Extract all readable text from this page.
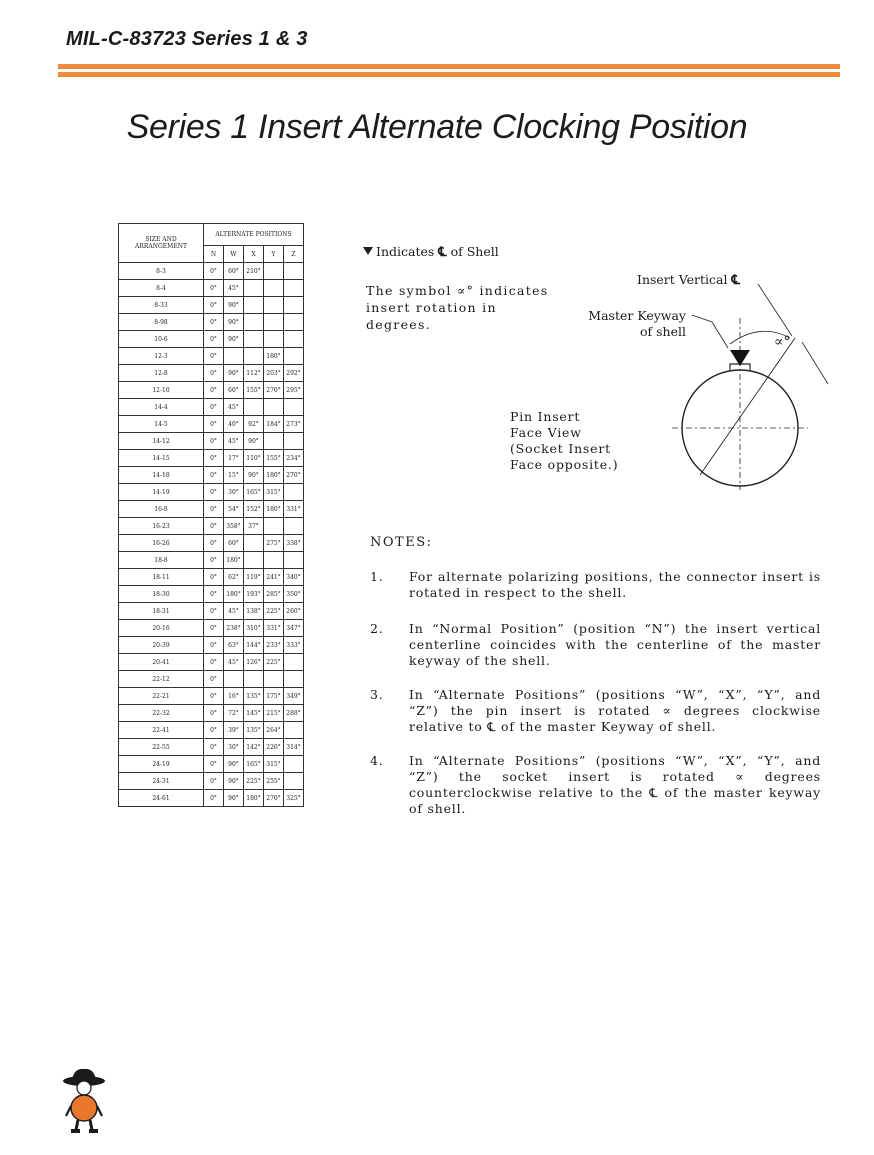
MIL-C-83723 Series 1 & 3
Series 1 Insert Alternate Clocking Position
SIZE AND
ARRANGEMENT	ALTERNATE POSITIONS				
	N	W	X	Y	Z
8-3	0°	60°	210°		
8-4	0°	45°			
8-33	0°	90°			
8-98	0°	90°			
10-6	0°	90°			
12-3	0°			180°	
12-8	0°	90°	112°	203°	292°
12-10	0°	60°	155°	270°	295°
14-4	0°	45°			
14-5	0°	40°	92°	184°	273°
14-12	0°	45°	90°		
14-15	0°	17°	110°	155°	234°
14-18	0°	15°	90°	180°	270°
14-19	0°	30°	165°	315°	
16-8	0°	54°	152°	180°	331°
16-23	0°	358°	37°		
16-26	0°	60°		275°	338°
18-8	0°	180°			
18-11	0°	62°	119°	241°	340°
18-30	0°	180°	193°	285°	350°
18-31	0°	45°	138°	225°	260°
20-16	0°	238°	310°	331°	347°
20-39	0°	63°	144°	233°	333°
20-41	0°	45°	126°	225°	
22-12	0°				
22-21	0°	16°	135°	175°	349°
22-32	0°	72°	145°	215°	288°
22-41	0°	39°	135°	264°	
22-55	0°	30°	142°	226°	314°
24-19	0°	90°	165°	315°	
24-31	0°	90°	225°	255°	
24-61	0°	90°	180°	270°	325°
Indicates ℄ of Shell
The symbol ∝° indicates insert rotation in degrees.
Insert Vertical ℄
Master Keyway
of shell
∝°
Pin Insert
Face View
(Socket Insert
Face opposite.)
NOTES:
1. For alternate polarizing positions, the connector insert is rotated in respect to the shell.
2. In “Normal Position” (position “N”) the insert vertical centerline coincides with the centerline of the master keyway of the shell.
3. In “Alternate Positions” (positions “W”, “X”, “Y”, and “Z”) the pin insert is rotated ∝ degrees clockwise relative to ℄ of the master Keyway of shell.
4. In “Alternate Positions” (positions “W”, “X”, “Y”, and “Z”) the socket insert is rotated ∝ degrees counterclockwise relative to the ℄ of the master keyway of shell.
